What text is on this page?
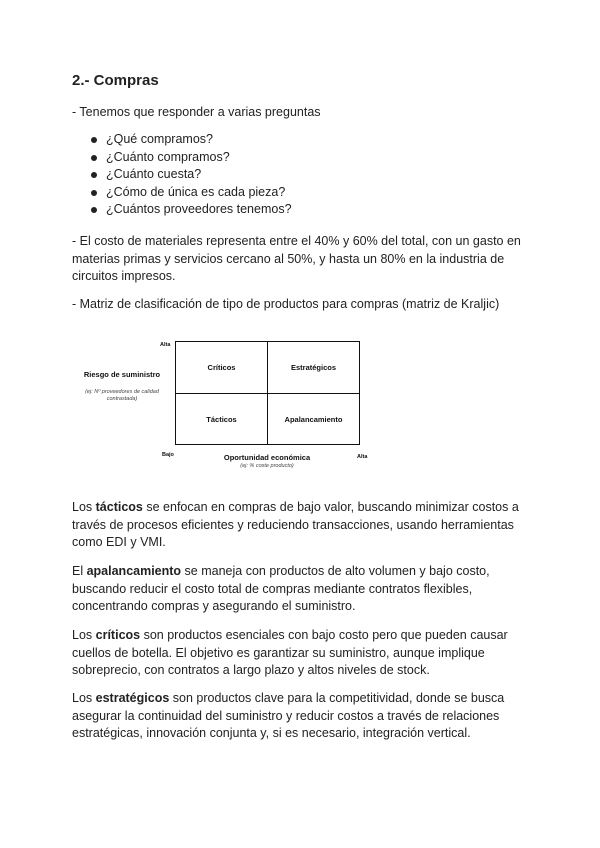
2.- Compras

- Tenemos que responder a varias preguntas

¿Qué compramos?
¿Cuánto compramos?
¿Cuánto cuesta?
¿Cómo de única es cada pieza?
¿Cuántos proveedores tenemos?

- El costo de materiales representa entre el 40% y 60% del total, con un gasto en materias primas y servicios cercano al 50%, y hasta un 80% en la industria de circuitos impresos.

- Matriz de clasificación de tipo de productos para compras (matriz de Kraljic)

Alta
Riesgo de suministro
(ej: Nº proveedores de calidad contrastada)
Críticos	Estratégicos
Tácticos	Apalancamiento
Bajo	Alta
Oportunidad económica
(ej: % coste producto)

Los tácticos se enfocan en compras de bajo valor, buscando minimizar costos a través de procesos eficientes y reduciendo transacciones, usando herramientas como EDI y VMI.

El apalancamiento se maneja con productos de alto volumen y bajo costo, buscando reducir el costo total de compras mediante contratos flexibles, concentrando compras y asegurando el suministro.

Los críticos son productos esenciales con bajo costo pero que pueden causar cuellos de botella. El objetivo es garantizar su suministro, aunque implique sobreprecio, con contratos a largo plazo y altos niveles de stock.

Los estratégicos son productos clave para la competitividad, donde se busca asegurar la continuidad del suministro y reducir costos a través de relaciones estratégicas, innovación conjunta y, si es necesario, integración vertical.
